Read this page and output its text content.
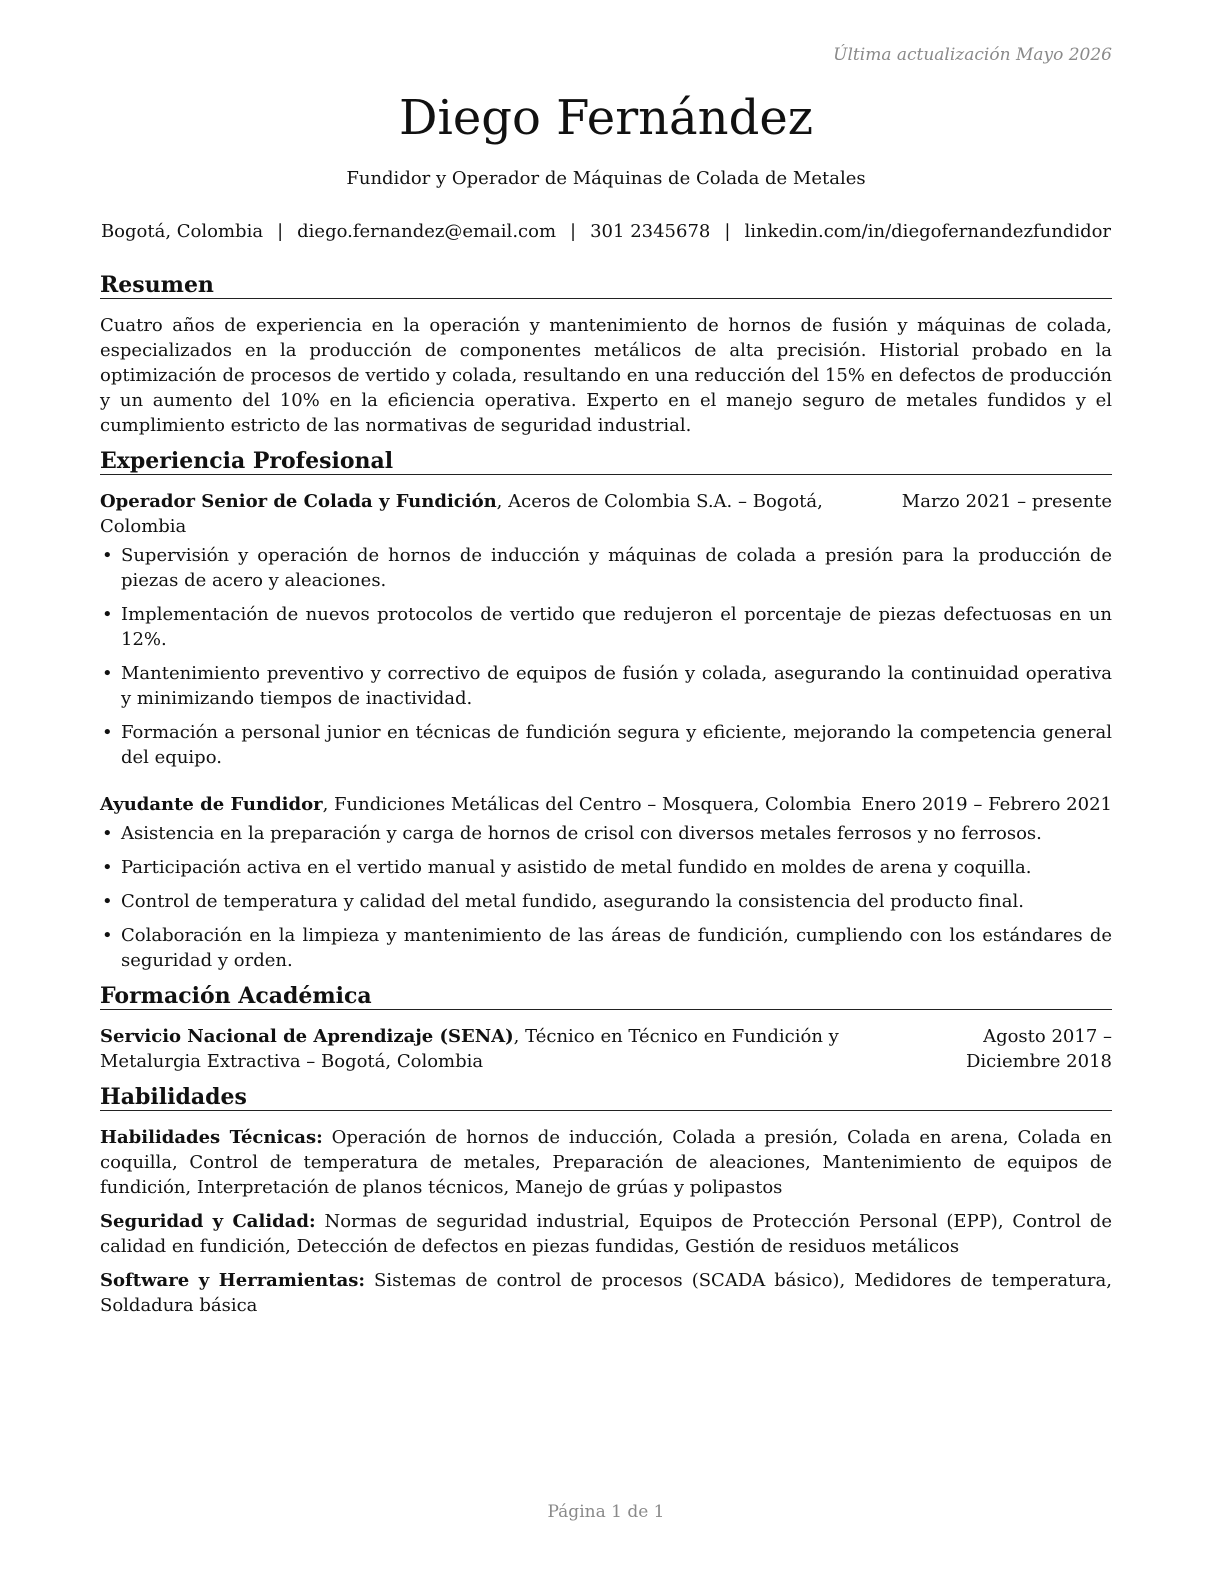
Última actualización Mayo 2026
Diego Fernández
Fundidor y Operador de Máquinas de Colada de Metales
Bogotá, Colombia | diego.fernandez@email.com | 301 2345678 | linkedin.com/in/diegofernandezfundidor
Resumen

Cuatro años de experiencia en la operación y mantenimiento de hornos de fusión y máquinas de colada, especializados en la producción de componentes metálicos de alta precisión. Historial probado en la optimización de procesos de vertido y colada, resultando en una reducción del 15% en defectos de producción y un aumento del 10% en la eficiencia operativa. Experto en el manejo seguro de metales fundidos y el cumplimiento estricto de las normativas de seguridad industrial.

Experiencia Profesional
Operador Senior de Colada y Fundición, Aceros de Colombia S.A. – Bogotá, Colombia
Marzo 2021 – presente
• Supervisión y operación de hornos de inducción y máquinas de colada a presión para la producción de piezas de acero y aleaciones.
• Implementación de nuevos protocolos de vertido que redujeron el porcentaje de piezas defectuosas en un 12%.
• Mantenimiento preventivo y correctivo de equipos de fusión y colada, asegurando la continuidad operativa y minimizando tiempos de inactividad.
• Formación a personal junior en técnicas de fundición segura y eficiente, mejorando la competencia general del equipo.
Ayudante de Fundidor, Fundiciones Metálicas del Centro – Mosquera, Colombia Enero 2019 – Febrero 2021
• Asistencia en la preparación y carga de hornos de crisol con diversos metales ferrosos y no ferrosos.
• Participación activa en el vertido manual y asistido de metal fundido en moldes de arena y coquilla.
• Control de temperatura y calidad del metal fundido, asegurando la consistencia del producto final.
• Colaboración en la limpieza y mantenimiento de las áreas de fundición, cumpliendo con los estándares de seguridad y orden.
Formación Académica
Servicio Nacional de Aprendizaje (SENA), Técnico en Técnico en Fundición y Metalurgia Extractiva – Bogotá, Colombia
Agosto 2017 – Diciembre 2018
Habilidades
Habilidades Técnicas: Operación de hornos de inducción, Colada a presión, Colada en arena, Colada en coquilla, Control de temperatura de metales, Preparación de aleaciones, Mantenimiento de equipos de fundición, Interpretación de planos técnicos, Manejo de grúas y polipastos
Seguridad y Calidad: Normas de seguridad industrial, Equipos de Protección Personal (EPP), Control de calidad en fundición, Detección de defectos en piezas fundidas, Gestión de residuos metálicos
Software y Herramientas: Sistemas de control de procesos (SCADA básico), Medidores de temperatura, Soldadura básica
Página 1 de 1
